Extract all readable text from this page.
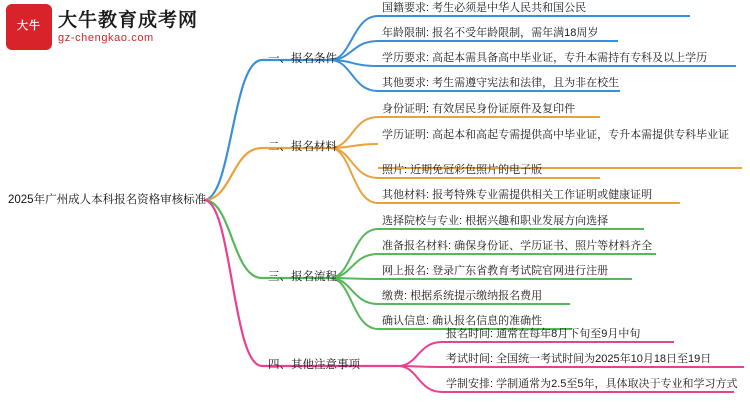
大牛 大牛教育成考网
gz-chengkao.com
2025年广州成人本科报名资格审核标准
一、报名条件
国籍要求: 考生必须是中华人民共和国公民
年龄限制: 报名不受年龄限制，需年满18周岁
学历要求: 高起本需具备高中毕业证，专升本需持有专科及以上学历
其他要求: 考生需遵守宪法和法律，且为非在校生
二、报名材料
身份证明: 有效居民身份证原件及复印件
学历证明: 高起本和高起专需提供高中毕业证，专升本需提供专科毕业证
照片: 近期免冠彩色照片的电子版
其他材料: 报考特殊专业需提供相关工作证明或健康证明
三、报名流程
选择院校与专业: 根据兴趣和职业发展方向选择
准备报名材料: 确保身份证、学历证书、照片等材料齐全
网上报名: 登录广东省教育考试院官网进行注册
缴费: 根据系统提示缴纳报名费用
确认信息: 确认报名信息的准确性
四、其他注意事项
报名时间: 通常在每年8月下旬至9月中旬
考试时间: 全国统一考试时间为2025年10月18日至19日
学制安排: 学制通常为2.5至5年，具体取决于专业和学习方式
